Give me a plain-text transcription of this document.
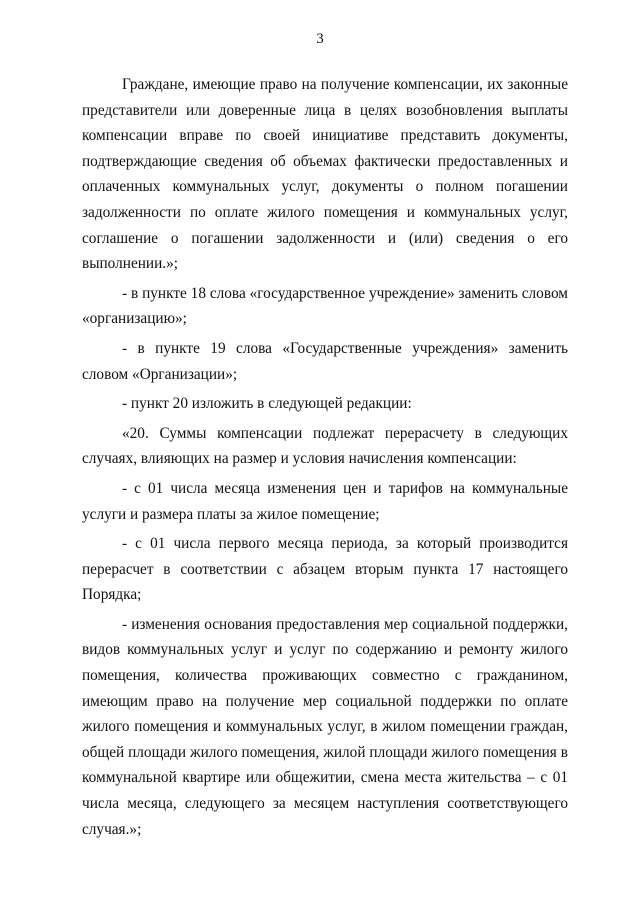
3

Граждане, имеющие право на получение компенсации, их законные представители или доверенные лица в целях возобновления выплаты компенсации вправе по своей инициативе представить документы, подтверждающие сведения об объемах фактически предоставленных и оплаченных коммунальных услуг, документы о полном погашении задолженности по оплате жилого помещения и коммунальных услуг, соглашение о погашении задолженности и (или) сведения о его выполнении.»;

- в пункте 18 слова «государственное учреждение» заменить словом «организацию»;

- в пункте 19 слова «Государственные учреждения» заменить словом «Организации»;

- пункт 20 изложить в следующей редакции:

«20. Суммы компенсации подлежат перерасчету в следующих случаях, влияющих на размер и условия начисления компенсации:

- с 01 числа месяца изменения цен и тарифов на коммунальные услуги и размера платы за жилое помещение;

- с 01 числа первого месяца периода, за который производится перерасчет в соответствии с абзацем вторым пункта 17 настоящего Порядка;

- изменения основания предоставления мер социальной поддержки, видов коммунальных услуг и услуг по содержанию и ремонту жилого помещения, количества проживающих совместно с гражданином, имеющим право на получение мер социальной поддержки по оплате жилого помещения и коммунальных услуг, в жилом помещении граждан, общей площади жилого помещения, жилой площади жилого помещения в коммунальной квартире или общежитии, смена места жительства – с 01 числа месяца, следующего за месяцем наступления соответствующего случая.»;
